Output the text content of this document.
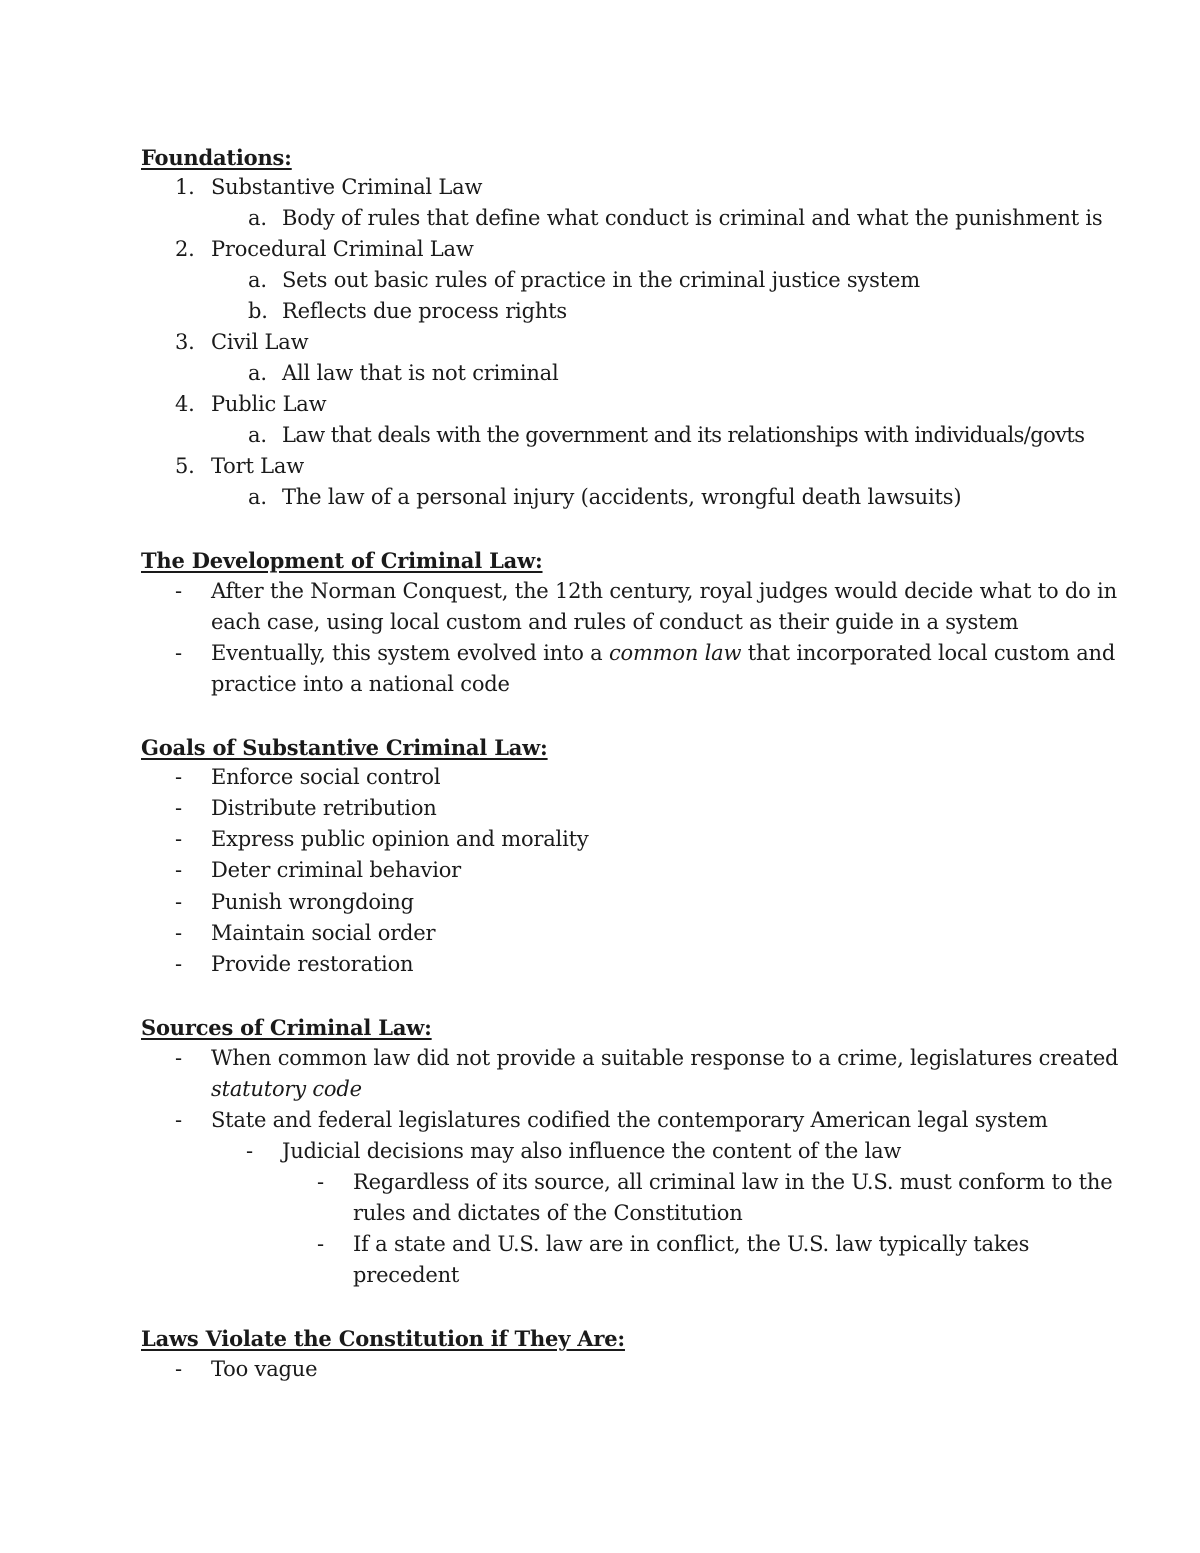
Foundations:
1. Substantive Criminal Law
a. Body of rules that define what conduct is criminal and what the punishment is
2. Procedural Criminal Law
a. Sets out basic rules of practice in the criminal justice system
b. Reflects due process rights
3. Civil Law
a. All law that is not criminal
4. Public Law
a. Law that deals with the government and its relationships with individuals/govts
5. Tort Law
a. The law of a personal injury (accidents, wrongful death lawsuits)
The Development of Criminal Law:
- After the Norman Conquest, the 12th century, royal judges would decide what to do in
each case, using local custom and rules of conduct as their guide in a system
- Eventually, this system evolved into a common law that incorporated local custom and
practice into a national code
Goals of Substantive Criminal Law:
- Enforce social control
- Distribute retribution
- Express public opinion and morality
- Deter criminal behavior
- Punish wrongdoing
- Maintain social order
- Provide restoration
Sources of Criminal Law:
- When common law did not provide a suitable response to a crime, legislatures created
statutory code
- State and federal legislatures codified the contemporary American legal system
- Judicial decisions may also influence the content of the law
- Regardless of its source, all criminal law in the U.S. must conform to the
rules and dictates of the Constitution
- If a state and U.S. law are in conflict, the U.S. law typically takes
precedent
Laws Violate the Constitution if They Are:
- Too vague
